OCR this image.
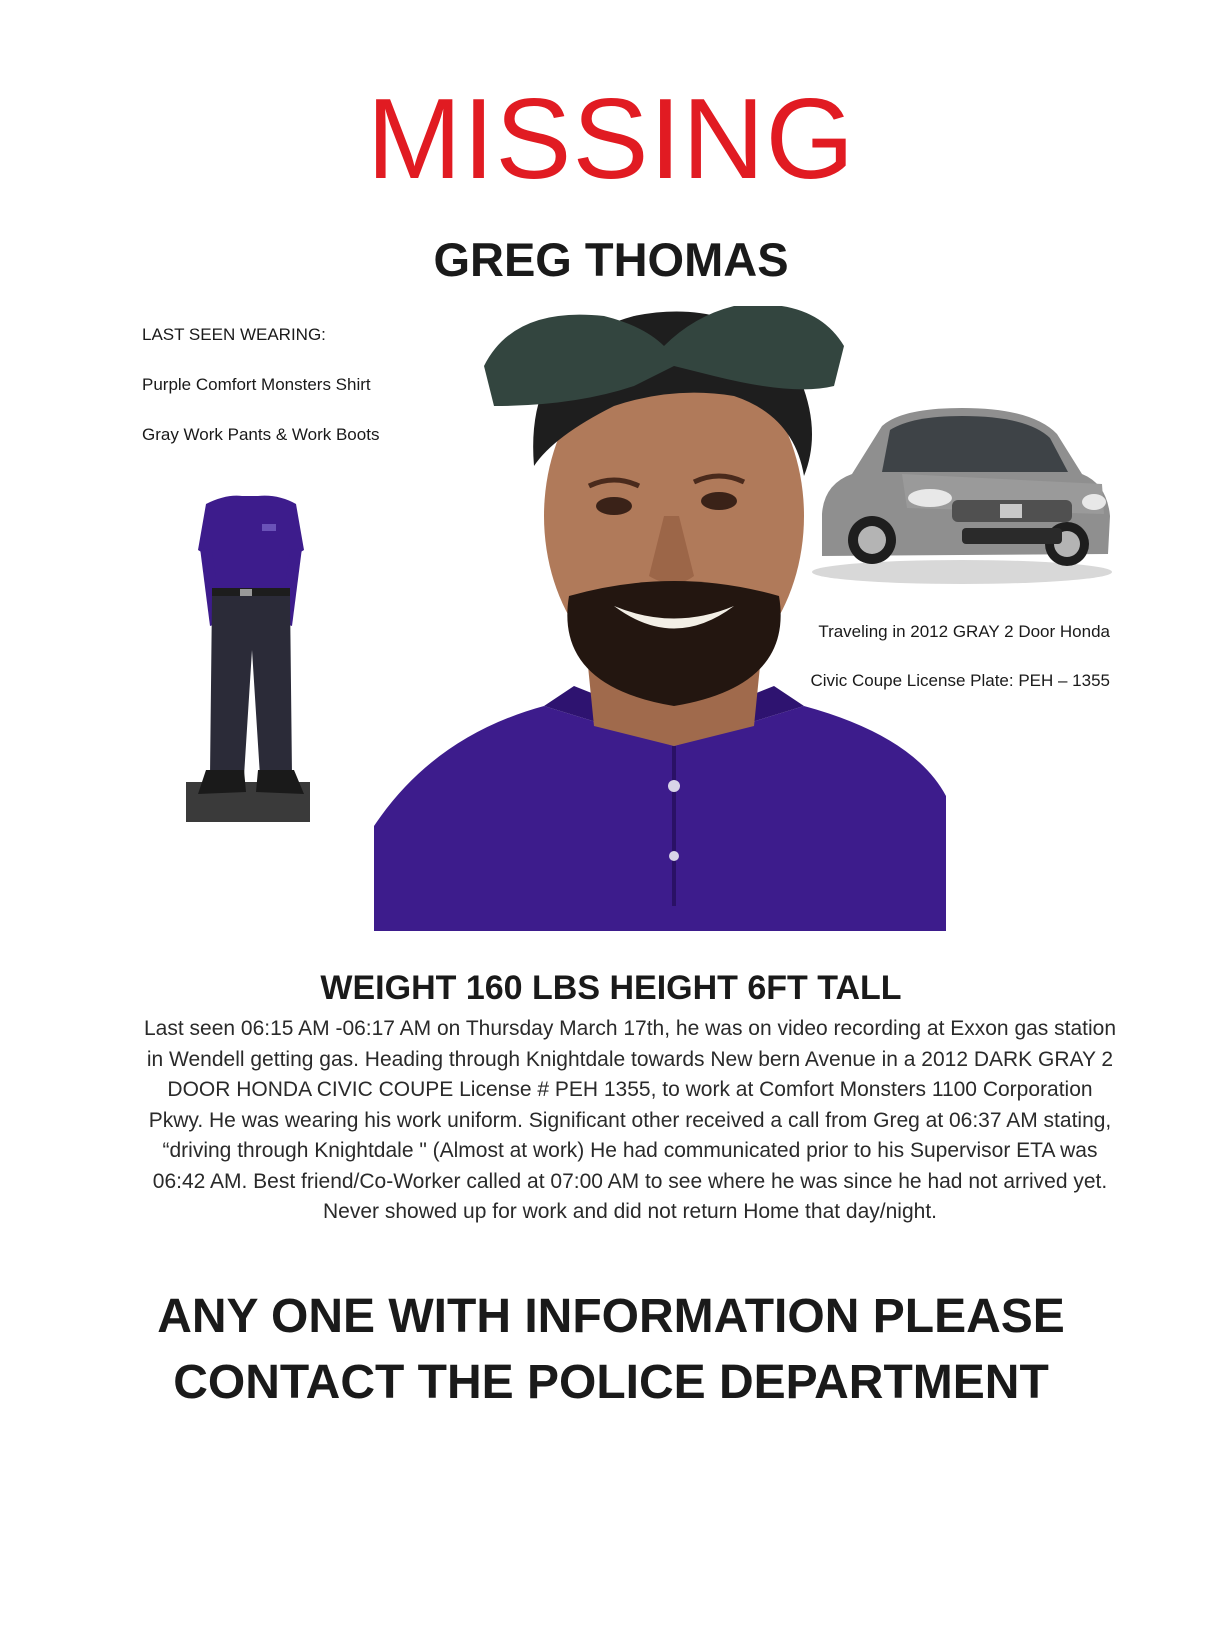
MISSING
GREG THOMAS
LAST SEEN WEARING:
Purple Comfort Monsters Shirt
Gray Work Pants & Work Boots
Traveling in 2012 GRAY 2 Door Honda
Civic Coupe License Plate: PEH – 1355
WEIGHT 160 LBS HEIGHT 6FT TALL
Last seen 06:15 AM -06:17 AM on Thursday March 17th, he was on video recording at Exxon gas station in Wendell getting gas. Heading through Knightdale towards New bern Avenue in a 2012 DARK GRAY 2 DOOR HONDA CIVIC COUPE License # PEH 1355, to work at Comfort Monsters 1100 Corporation Pkwy. He was wearing his work uniform. Significant other received a call from Greg at 06:37 AM stating, “driving through Knightdale " (Almost at work) He had communicated prior to his Supervisor ETA was 06:42 AM. Best friend/Co-Worker called at 07:00 AM to see where he was since he had not arrived yet. Never showed up for work and did not return Home that day/night.
ANY ONE WITH INFORMATION PLEASE
CONTACT THE POLICE DEPARTMENT
